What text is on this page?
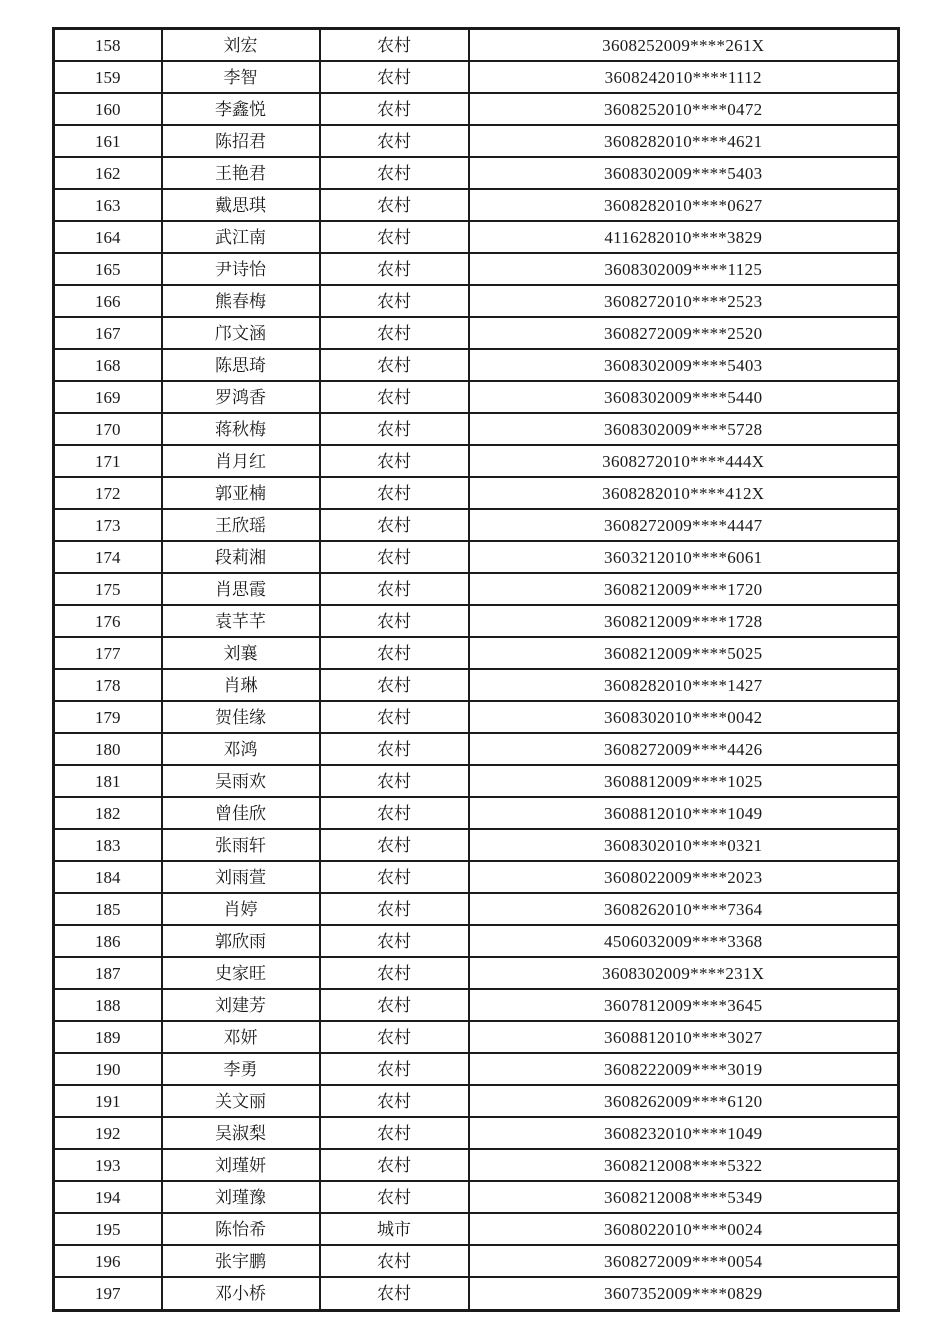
158	刘宏	农村	3608252009****261X
159	李智	农村	3608242010****1112
160	李鑫悦	农村	3608252010****0472
161	陈招君	农村	3608282010****4621
162	王艳君	农村	3608302009****5403
163	戴思琪	农村	3608282010****0627
164	武江南	农村	4116282010****3829
165	尹诗怡	农村	3608302009****1125
166	熊春梅	农村	3608272010****2523
167	邝文涵	农村	3608272009****2520
168	陈思琦	农村	3608302009****5403
169	罗鸿香	农村	3608302009****5440
170	蒋秋梅	农村	3608302009****5728
171	肖月红	农村	3608272010****444X
172	郭亚楠	农村	3608282010****412X
173	王欣瑶	农村	3608272009****4447
174	段莉湘	农村	3603212010****6061
175	肖思霞	农村	3608212009****1720
176	袁芊芊	农村	3608212009****1728
177	刘襄	农村	3608212009****5025
178	肖琳	农村	3608282010****1427
179	贺佳缘	农村	3608302010****0042
180	邓鸿	农村	3608272009****4426
181	吴雨欢	农村	3608812009****1025
182	曾佳欣	农村	3608812010****1049
183	张雨轩	农村	3608302010****0321
184	刘雨萱	农村	3608022009****2023
185	肖婷	农村	3608262010****7364
186	郭欣雨	农村	4506032009****3368
187	史家旺	农村	3608302009****231X
188	刘建芳	农村	3607812009****3645
189	邓妍	农村	3608812010****3027
190	李勇	农村	3608222009****3019
191	关文丽	农村	3608262009****6120
192	吴淑梨	农村	3608232010****1049
193	刘瑾妍	农村	3608212008****5322
194	刘瑾豫	农村	3608212008****5349
195	陈怡希	城市	3608022010****0024
196	张宇鹏	农村	3608272009****0054
197	邓小桥	农村	3607352009****0829
